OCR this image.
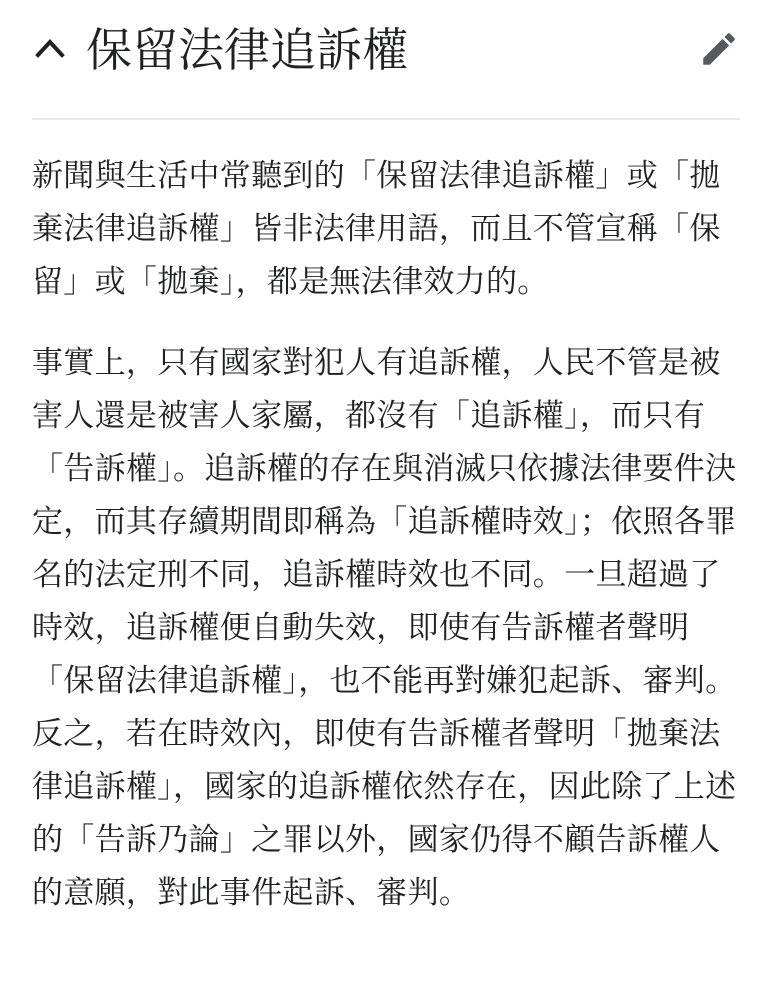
保留法律追訴權

新聞與生活中常聽到的「保留法律追訴權」或「拋棄法律追訴權」皆非法律用語，而且不管宣稱「保留」或「拋棄」，都是無法律效力的。

事實上，只有國家對犯人有追訴權，人民不管是被害人還是被害人家屬，都沒有「追訴權」，而只有「告訴權」。追訴權的存在與消滅只依據法律要件決定，而其存續期間即稱為「追訴權時效」；依照各罪名的法定刑不同，追訴權時效也不同。一旦超過了時效，追訴權便自動失效，即使有告訴權者聲明「保留法律追訴權」，也不能再對嫌犯起訴、審判。反之，若在時效內，即使有告訴權者聲明「拋棄法律追訴權」，國家的追訴權依然存在，因此除了上述的「告訴乃論」之罪以外，國家仍得不顧告訴權人的意願，對此事件起訴、審判。
